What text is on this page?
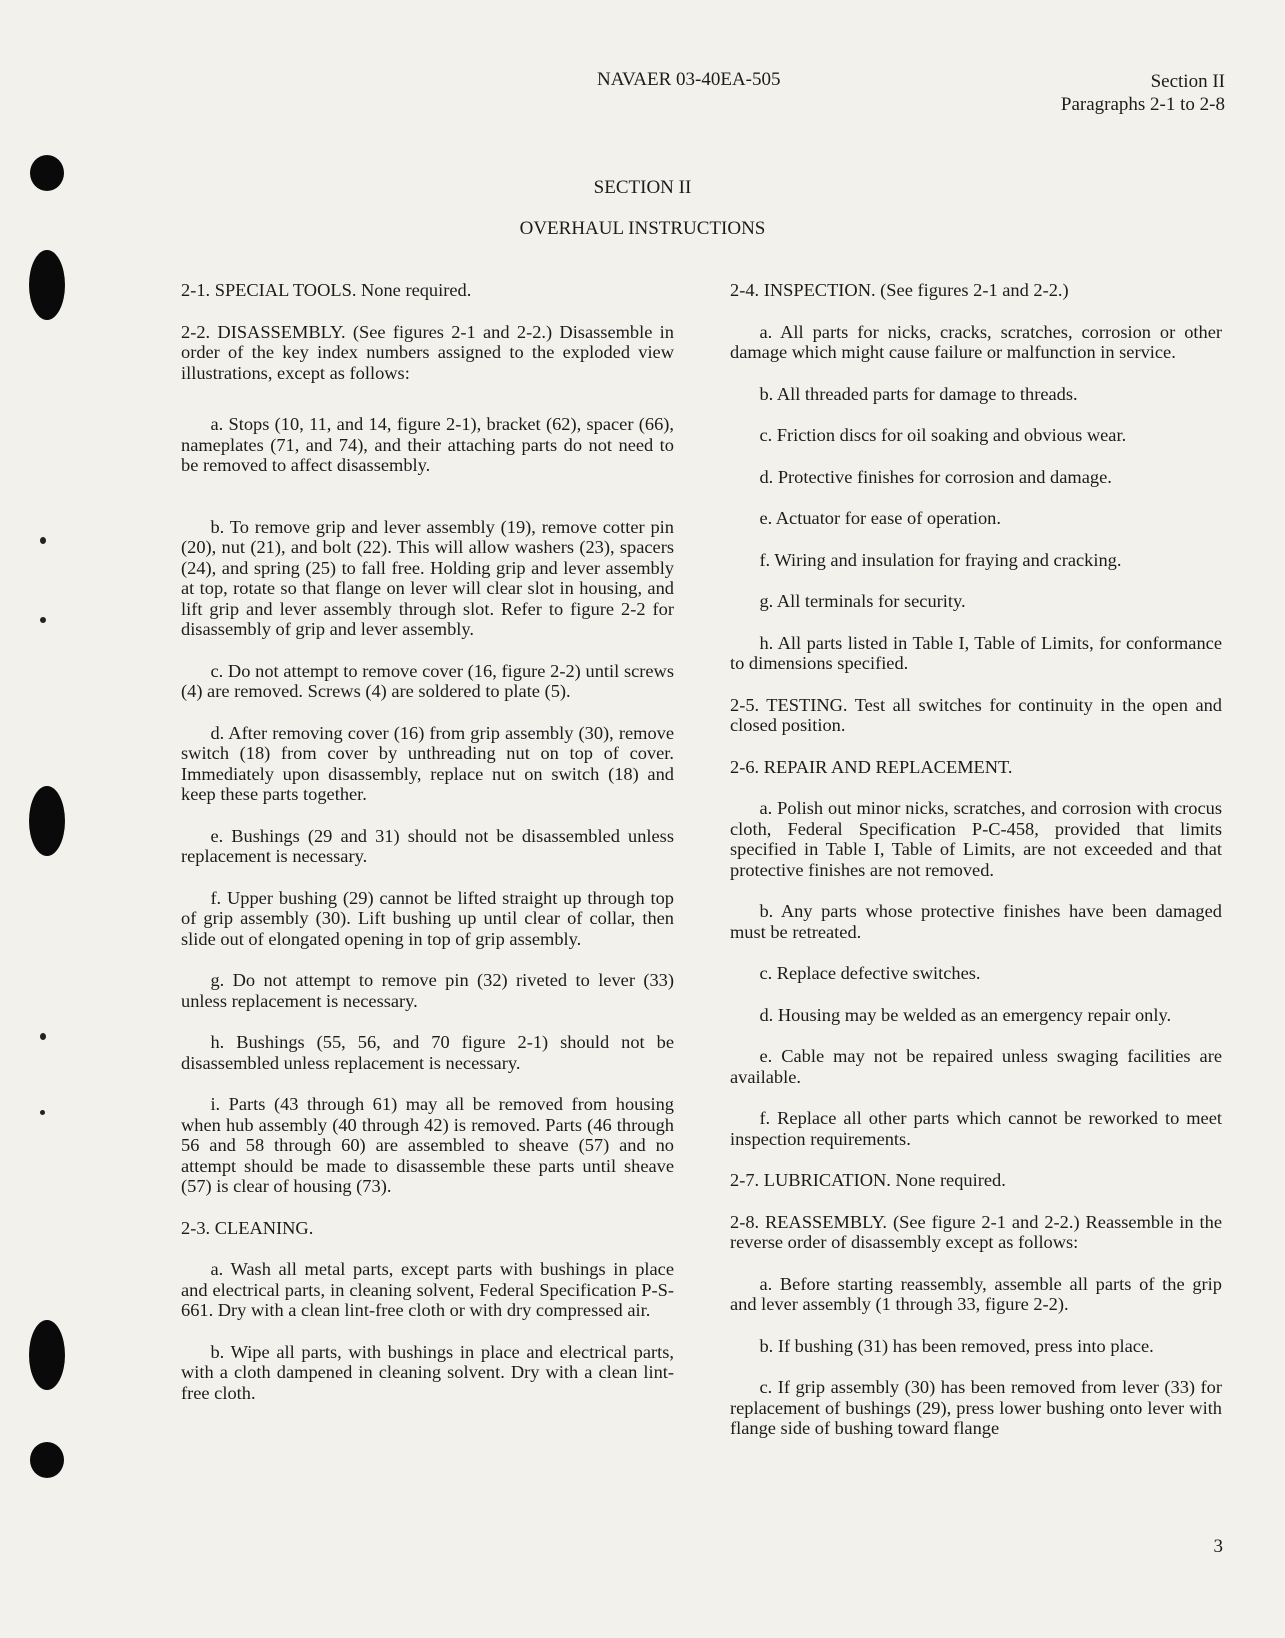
NAVAER 03-40EA-505	Section II
Paragraphs 2-1 to 2-8
SECTION II
OVERHAUL INSTRUCTIONS

2-1. SPECIAL TOOLS. None required.

2-2. DISASSEMBLY. (See figures 2-1 and 2-2.) Disassemble in order of the key index numbers assigned to the exploded view illustrations, except as follows:

a. Stops (10, 11, and 14, figure 2-1), bracket (62), spacer (66), nameplates (71, and 74), and their attaching parts do not need to be removed to affect disassembly.

b. To remove grip and lever assembly (19), remove cotter pin (20), nut (21), and bolt (22). This will allow washers (23), spacers (24), and spring (25) to fall free. Holding grip and lever assembly at top, rotate so that flange on lever will clear slot in housing, and lift grip and lever assembly through slot. Refer to figure 2-2 for disassembly of grip and lever assembly.

c. Do not attempt to remove cover (16, figure 2-2) until screws (4) are removed. Screws (4) are soldered to plate (5).

d. After removing cover (16) from grip assembly (30), remove switch (18) from cover by unthreading nut on top of cover. Immediately upon disassembly, replace nut on switch (18) and keep these parts together.

e. Bushings (29 and 31) should not be disassembled unless replacement is necessary.

f. Upper bushing (29) cannot be lifted straight up through top of grip assembly (30). Lift bushing up until clear of collar, then slide out of elongated opening in top of grip assembly.

g. Do not attempt to remove pin (32) riveted to lever (33) unless replacement is necessary.

h. Bushings (55, 56, and 70 figure 2-1) should not be disassembled unless replacement is necessary.

i. Parts (43 through 61) may all be removed from housing when hub assembly (40 through 42) is removed. Parts (46 through 56 and 58 through 60) are assembled to sheave (57) and no attempt should be made to disassemble these parts until sheave (57) is clear of housing (73).

2-3. CLEANING.

a. Wash all metal parts, except parts with bushings in place and electrical parts, in cleaning solvent, Federal Specification P-S-661. Dry with a clean lint-free cloth or with dry compressed air.

b. Wipe all parts, with bushings in place and electrical parts, with a cloth dampened in cleaning solvent. Dry with a clean lint-free cloth.

2-4. INSPECTION. (See figures 2-1 and 2-2.)

a. All parts for nicks, cracks, scratches, corrosion or other damage which might cause failure or malfunction in service.

b. All threaded parts for damage to threads.

c. Friction discs for oil soaking and obvious wear.

d. Protective finishes for corrosion and damage.

e. Actuator for ease of operation.

f. Wiring and insulation for fraying and cracking.

g. All terminals for security.

h. All parts listed in Table I, Table of Limits, for conformance to dimensions specified.

2-5. TESTING. Test all switches for continuity in the open and closed position.

2-6. REPAIR AND REPLACEMENT.

a. Polish out minor nicks, scratches, and corrosion with crocus cloth, Federal Specification P-C-458, provided that limits specified in Table I, Table of Limits, are not exceeded and that protective finishes are not removed.

b. Any parts whose protective finishes have been damaged must be retreated.

c. Replace defective switches.

d. Housing may be welded as an emergency repair only.

e. Cable may not be repaired unless swaging facilities are available.

f. Replace all other parts which cannot be reworked to meet inspection requirements.

2-7. LUBRICATION. None required.

2-8. REASSEMBLY. (See figure 2-1 and 2-2.) Reassemble in the reverse order of disassembly except as follows:

a. Before starting reassembly, assemble all parts of the grip and lever assembly (1 through 33, figure 2-2).

b. If bushing (31) has been removed, press into place.

c. If grip assembly (30) has been removed from lever (33) for replacement of bushings (29), press lower bushing onto lever with flange side of bushing toward flange

3
